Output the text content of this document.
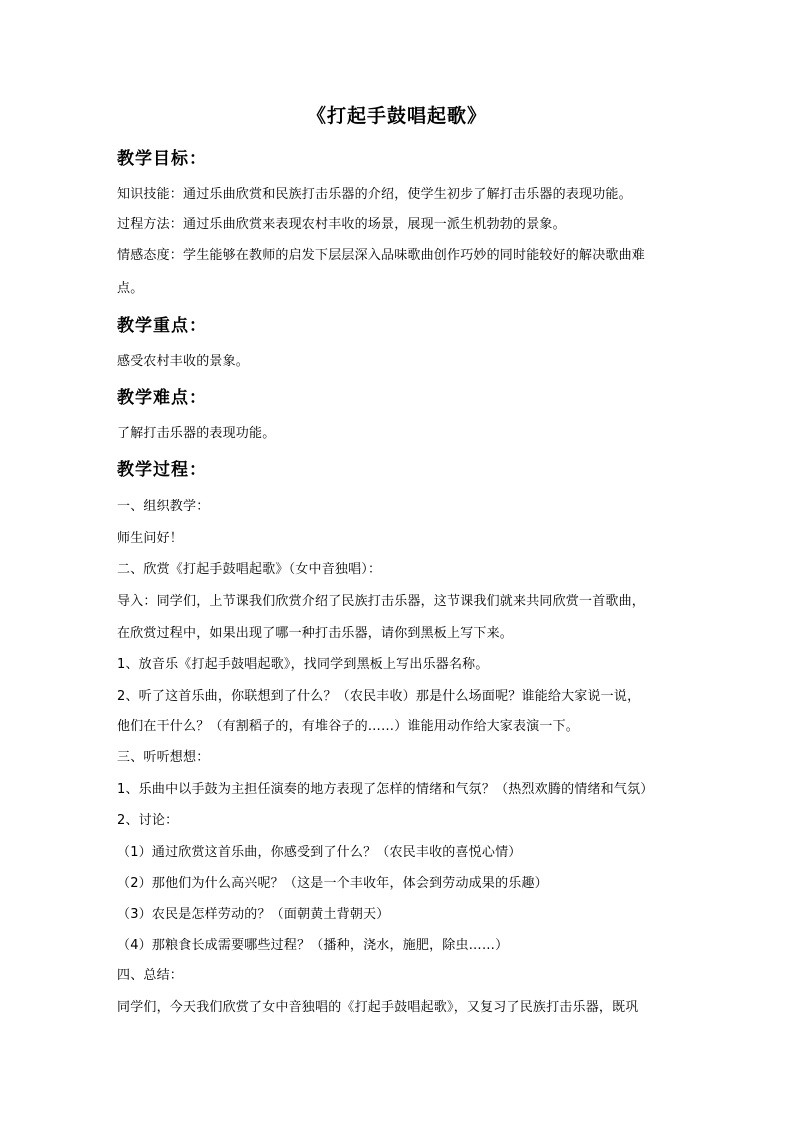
《打起手鼓唱起歌》
教学目标：
知识技能：通过乐曲欣赏和民族打击乐器的介绍，使学生初步了解打击乐器的表现功能。
过程方法：通过乐曲欣赏来表现农村丰收的场景，展现一派生机勃勃的景象。
情感态度：学生能够在教师的启发下层层深入品味歌曲创作巧妙的同时能较好的解决歌曲难
点。
教学重点：
感受农村丰收的景象。
教学难点：
了解打击乐器的表现功能。
教学过程：
一、组织教学：
师生问好！
二、欣赏《打起手鼓唱起歌》（女中音独唱）：
导入：同学们，上节课我们欣赏介绍了民族打击乐器，这节课我们就来共同欣赏一首歌曲，
在欣赏过程中，如果出现了哪一种打击乐器，请你到黑板上写下来。
1、放音乐《打起手鼓唱起歌》，找同学到黑板上写出乐器名称。
2、听了这首乐曲，你联想到了什么？（农民丰收）那是什么场面呢？谁能给大家说一说，
他们在干什么？（有割稻子的，有堆谷子的……）谁能用动作给大家表演一下。
三、听听想想：
1、乐曲中以手鼓为主担任演奏的地方表现了怎样的情绪和气氛？（热烈欢腾的情绪和气氛）
2、讨论：
（1）通过欣赏这首乐曲，你感受到了什么？（农民丰收的喜悦心情）
（2）那他们为什么高兴呢？（这是一个丰收年，体会到劳动成果的乐趣）
（3）农民是怎样劳动的？（面朝黄土背朝天）
（4）那粮食长成需要哪些过程？（播种，浇水，施肥，除虫……）
四、总结：
同学们，今天我们欣赏了女中音独唱的《打起手鼓唱起歌》，又复习了民族打击乐器，既巩
